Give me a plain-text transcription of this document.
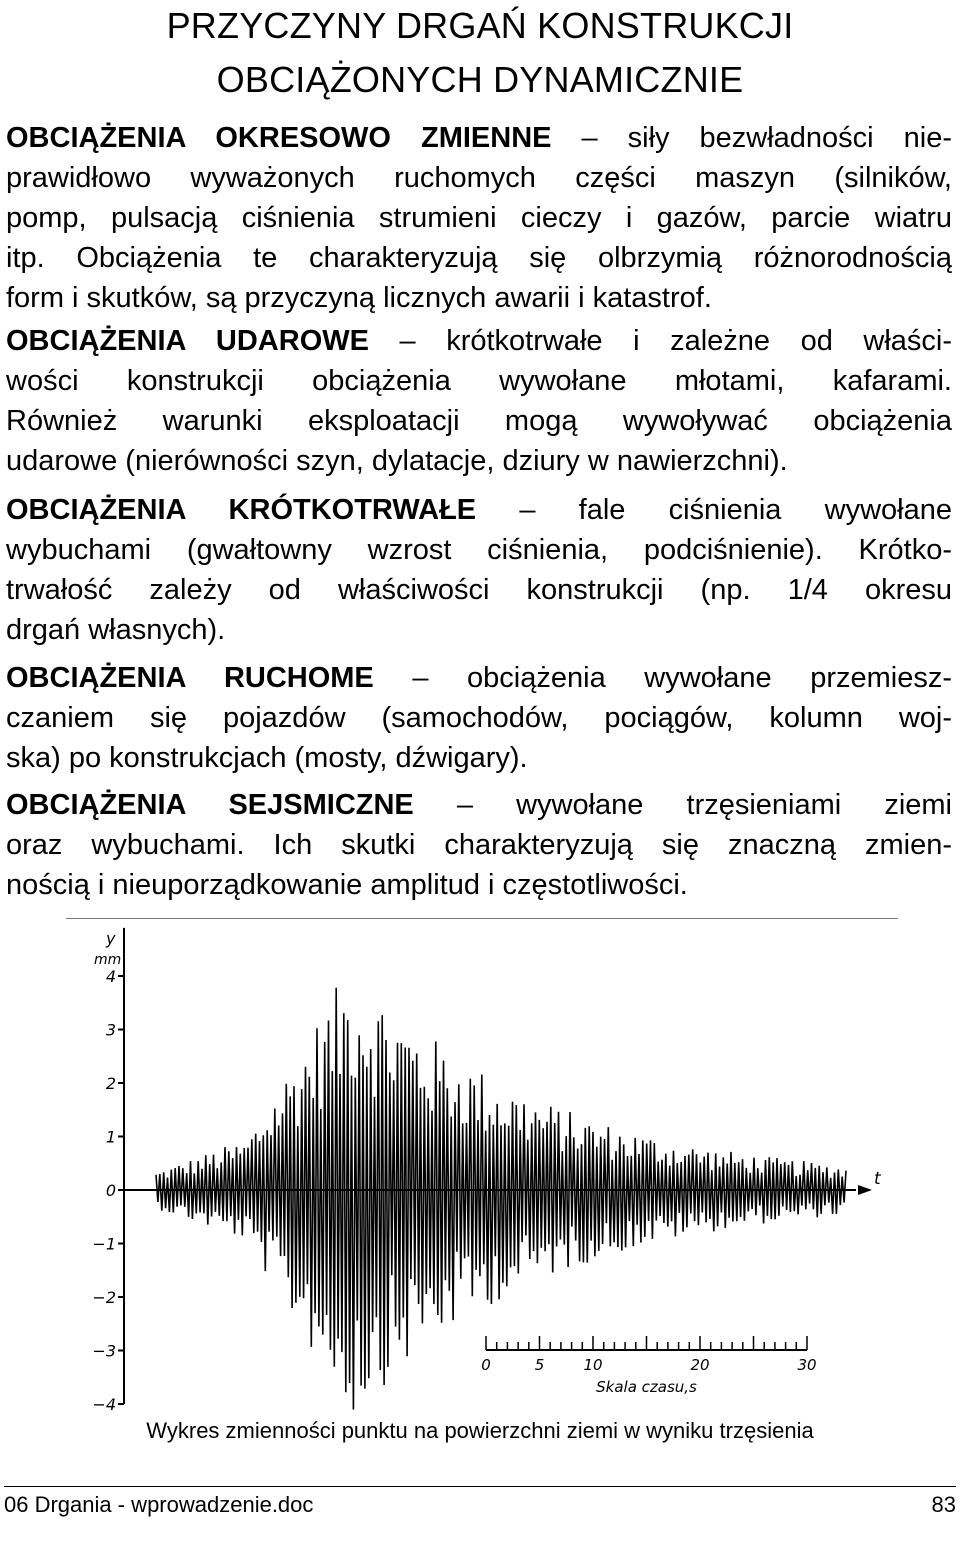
PRZYCZYNY DRGAŃ KONSTRUKCJI
OBCIĄŻONYCH DYNAMICZNIE
OBCIĄŻENIA OKRESOWO ZMIENNE – siły bezwładności nie-
prawidłowo wyważonych ruchomych części maszyn (silników,
pomp, pulsacją ciśnienia strumieni cieczy i gazów, parcie wiatru
itp. Obciążenia te charakteryzują się olbrzymią różnorodnością
form i skutków, są przyczyną licznych awarii i katastrof.
OBCIĄŻENIA UDAROWE – krótkotrwałe i zależne od właści-
wości konstrukcji obciążenia wywołane młotami, kafarami.
Również warunki eksploatacji mogą wywoływać obciążenia
udarowe (nierówności szyn, dylatacje, dziury w nawierzchni).
OBCIĄŻENIA KRÓTKOTRWAŁE – fale ciśnienia wywołane
wybuchami (gwałtowny wzrost ciśnienia, podciśnienie). Krótko-
trwałość zależy od właściwości konstrukcji (np. 1/4 okresu
drgań własnych).
OBCIĄŻENIA RUCHOME – obciążenia wywołane przemiesz-
czaniem się pojazdów (samochodów, pociągów, kolumn woj-
ska) po konstrukcjach (mosty, dźwigary).
OBCIĄŻENIA SEJSMICZNE – wywołane trzęsieniami ziemi
oraz wybuchami. Ich skutki charakteryzują się znaczną zmien-
nością i nieuporządkowanie amplitud i częstotliwości.
y
mm
4
3
2
1
0
−1
−2
−3
−4
t
0	5	10	20	30
Skala czasu,s
Wykres zmienności punktu na powierzchni ziemi w wyniku trzęsienia
06 Drgania - wprowadzenie.doc	83
